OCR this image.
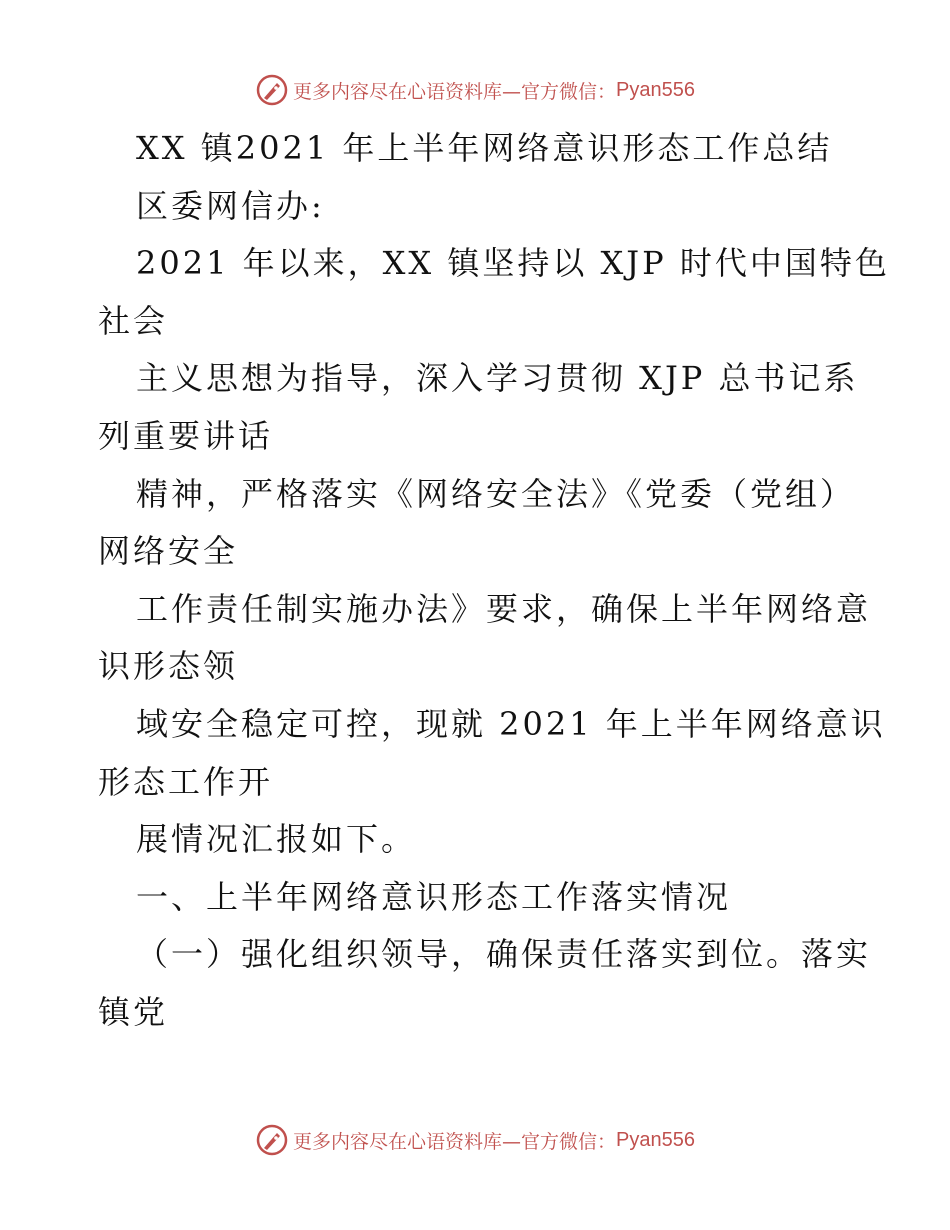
更多内容尽在心语资料库—官方微信： Pyan556
XX 镇2021 年上半年网络意识形态工作总结
区委网信办:
2021 年以来，XX 镇坚持以 XJP 时代中国特色
社会
主义思想为指导，深入学习贯彻 XJP 总书记系
列重要讲话
精神，严格落实《网络安全法》《党委（党组）
网络安全
工作责任制实施办法》要求，确保上半年网络意
识形态领
域安全稳定可控，现就 2021 年上半年网络意识
形态工作开
展情况汇报如下。
一、上半年网络意识形态工作落实情况
（一）强化组织领导，确保责任落实到位。落实
镇党
更多内容尽在心语资料库—官方微信： Pyan556
